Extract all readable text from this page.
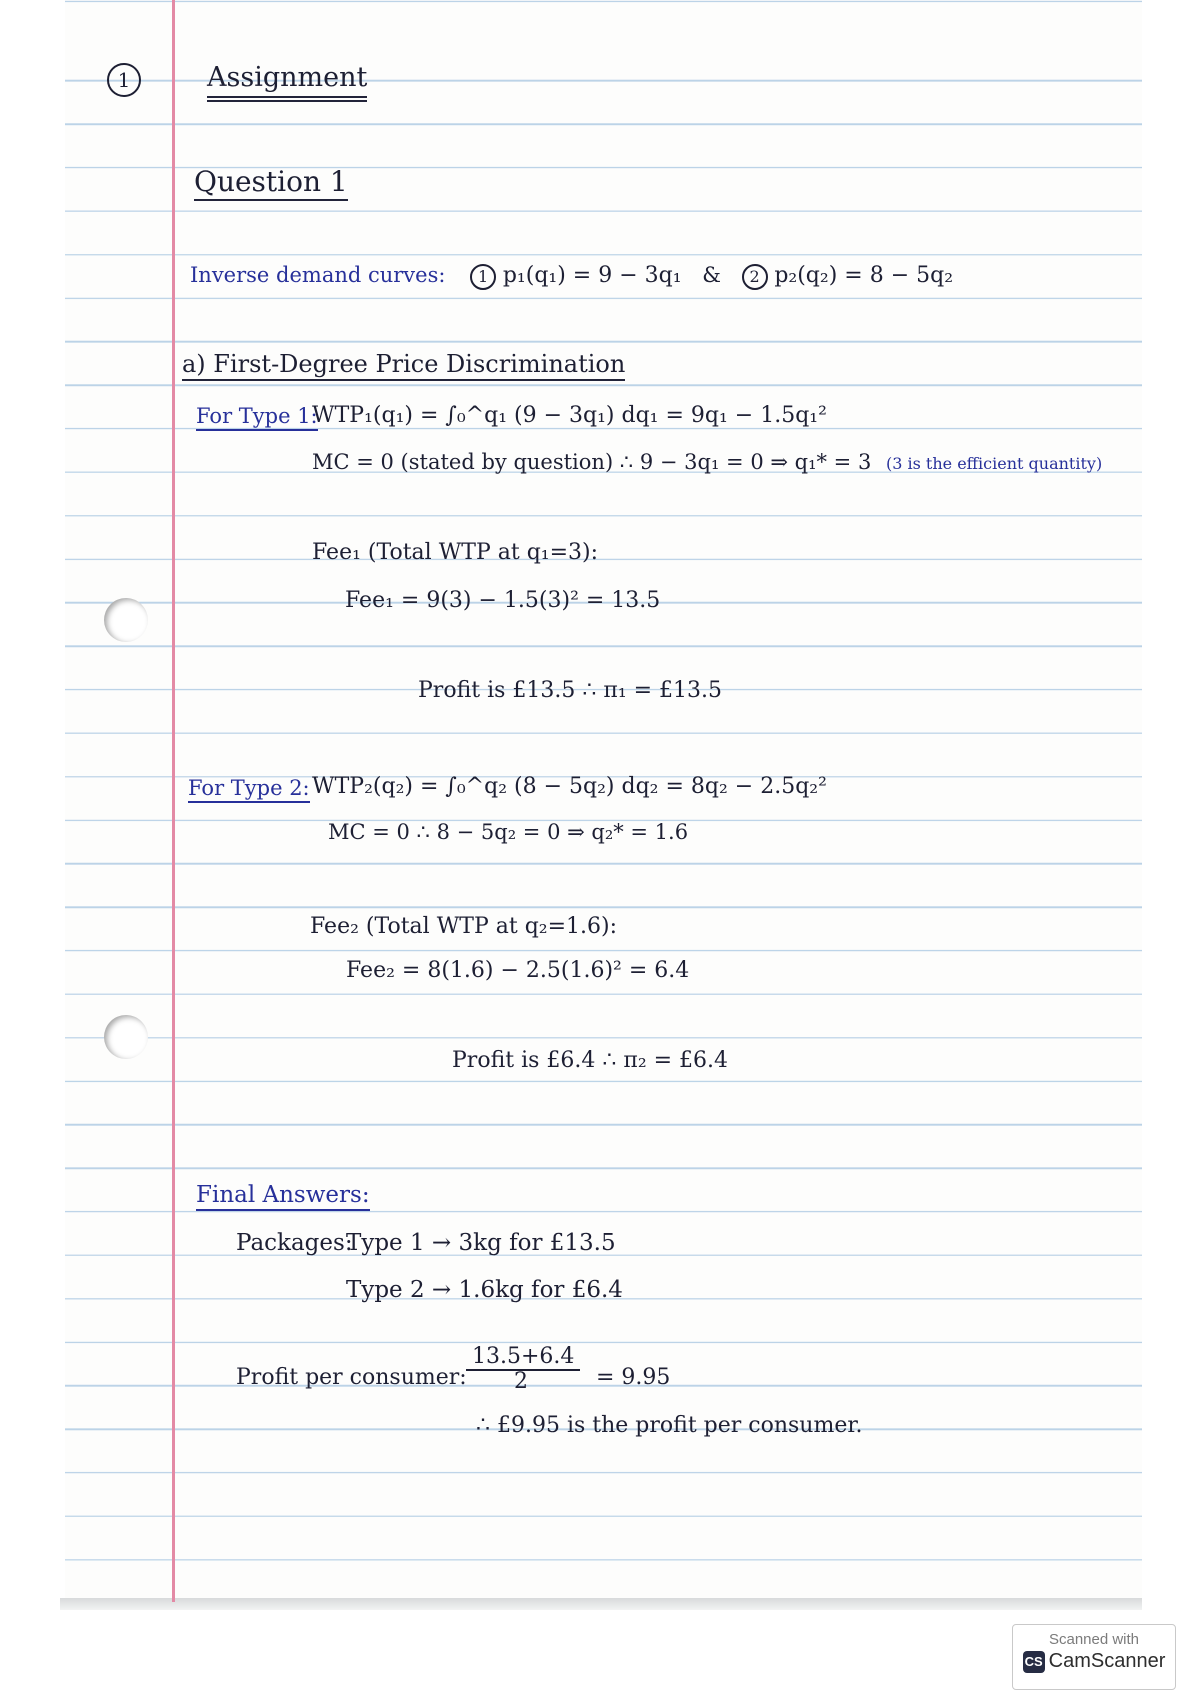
1	Assignment
Question 1
Inverse demand curves: 1 p₁(q₁) = 9 − 3q₁ & 2 p₂(q₂) = 8 − 5q₂
a) First-Degree Price Discrimination
For Type 1:
WTP₁(q₁) = ∫₀^q₁ (9 − 3q₁) dq₁ = 9q₁ − 1.5q₁²
MC = 0 (stated by question) ∴ 9 − 3q₁ = 0 ⇒ q₁* = 3 (3 is the efficient quantity)
Fee₁ (Total WTP at q₁=3):
Fee₁ = 9(3) − 1.5(3)² = 13.5
Profit is £13.5 ∴ π₁ = £13.5
For Type 2: WTP₂(q₂) = ∫₀^q₂ (8 − 5q₂) dq₂ = 8q₂ − 2.5q₂²
MC = 0 ∴ 8 − 5q₂ = 0 ⇒ q₂* = 1.6
Fee₂ (Total WTP at q₂=1.6):
Fee₂ = 8(1.6) − 2.5(1.6)² = 6.4
Profit is £6.4 ∴ π₂ = £6.4
Final Answers:
Packages:
Type 1 → 3kg for £13.5
Type 2 → 1.6kg for £6.4
Profit per consumer: $\frac{13.5+6.4}{2} = 9.95$
∴ £9.95 is the profit per consumer.
Scanned with
CS CamScanner
